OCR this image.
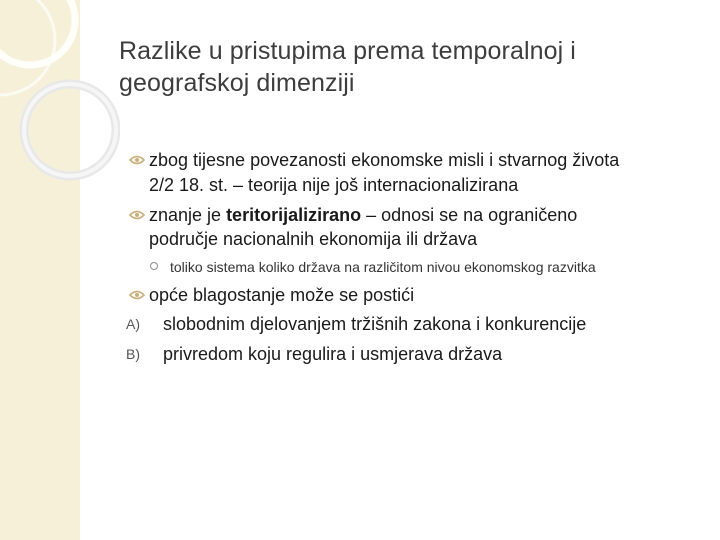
Razlike u pristupima prema temporalnoj i
geografskoj dimenziji
zbog tijesne povezanosti ekonomske misli i stvarnog života
2/2 18. st. – teorija nije još internacionalizirana
znanje je teritorijalizirano – odnosi se na ograničeno
područje nacionalnih ekonomija ili država
toliko sistema koliko država na različitom nivou ekonomskog razvitka
opće blagostanje može se postići
A) slobodnim djelovanjem tržišnih zakona i konkurencije
B) privredom koju regulira i usmjerava država
